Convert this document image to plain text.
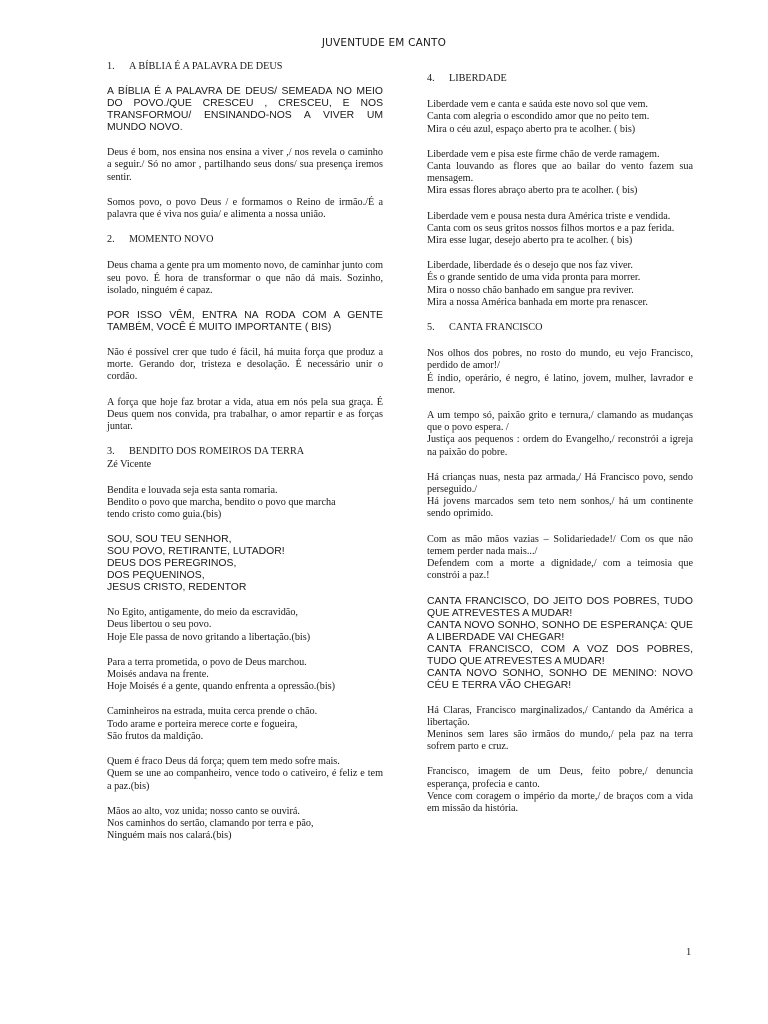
JUVENTUDE EM CANTO
1.	A BÍBLIA É A PALAVRA DE DEUS

A BÍBLIA É A PALAVRA DE DEUS/ SEMEADA NO MEIO DO POVO./QUE CRESCEU , CRESCEU, E NOS TRANSFORMOU/ ENSINANDO-NOS A VIVER UM MUNDO NOVO.

Deus é bom, nos ensina nos ensina a viver ,/ nos revela o caminho a seguir./ Só no amor , partilhando seus dons/ sua presença iremos sentir.

Somos povo, o povo Deus / e formamos o Reino de irmão./É a palavra que é viva nos guia/ e alimenta a nossa união.

2.	MOMENTO NOVO

Deus chama a gente pra um momento novo, de caminhar junto com seu povo. É hora de transformar o que não dá mais. Sozinho, isolado, ninguém é capaz.

POR ISSO VÊM, ENTRA NA RODA COM A GENTE TAMBÉM, VOCÊ É MUITO IMPORTANTE ( BIS)

Não é possível crer que tudo é fácil, há muita força que produz a morte. Gerando dor, tristeza e desolação. É necessário unir o cordão.

A força que hoje faz brotar a vida, atua em nós pela sua graça. É Deus quem nos convida, pra trabalhar, o amor repartir e as forças juntar.

3.	BENDITO DOS ROMEIROS DA TERRA

Zé Vicente

Bendita e louvada seja esta santa romaria.
Bendito o povo que marcha, bendito o povo que marcha
tendo cristo como guia.(bis)

SOU, SOU TEU SENHOR,
SOU POVO, RETIRANTE, LUTADOR!
DEUS DOS PEREGRINOS,
DOS PEQUENINOS,
JESUS CRISTO, REDENTOR

No Egito, antigamente, do meio da escravidão,
Deus libertou o seu povo.
Hoje Ele passa de novo gritando a libertação.(bis)

Para a terra prometida, o povo de Deus marchou.
Moisés andava na frente.
Hoje Moisés é a gente, quando enfrenta a opressão.(bis)

Caminheiros na estrada, muita cerca prende o chão.
Todo arame e porteira merece corte e fogueira,
São frutos da maldição.

Quem é fraco Deus dá força; quem tem medo sofre mais.
Quem se une ao companheiro, vence todo o cativeiro, é feliz e tem a paz.(bis)

Mãos ao alto, voz unida; nosso canto se ouvirá.
Nos caminhos do sertão, clamando por terra e pão,
Ninguém mais nos calará.(bis)

4.	LIBERDADE

Liberdade vem e canta e saúda este novo sol que vem.
Canta com alegria o escondido amor que no peito tem.
Mira o céu azul, espaço aberto pra te acolher. ( bis)

Liberdade vem e pisa este firme chão de verde ramagem.
Canta louvando as flores que ao bailar do vento fazem sua mensagem.
Mira essas flores abraço aberto pra te acolher. ( bis)

Liberdade vem e pousa nesta dura América triste e vendida.
Canta com os seus gritos nossos filhos mortos e a paz ferida.
Mira esse lugar, desejo aberto pra te acolher. ( bis)

Liberdade, liberdade és o desejo que nos faz viver.
És o grande sentido de uma vida pronta para morrer.
Mira o nosso chão banhado em sangue pra reviver.
Mira a nossa América banhada em morte pra renascer.

5.	CANTA FRANCISCO

Nos olhos dos pobres, no rosto do mundo, eu vejo Francisco, perdido de amor!/
É índio, operário, é negro, é latino, jovem, mulher, lavrador e menor.

A um tempo só, paixão grito e ternura,/ clamando as mudanças que o povo espera. /
Justiça aos pequenos : ordem do Evangelho,/ reconstrói a igreja na paixão do pobre.

Há crianças nuas, nesta paz armada,/ Há Francisco povo, sendo perseguido./
Há jovens marcados sem teto nem sonhos,/ há um continente sendo oprimido.

Com as mão mãos vazias – Solidariedade!/ Com os que não temem perder nada mais.../
Defendem com a morte a dignidade,/ com a teimosia que constrói a paz.!

CANTA FRANCISCO, DO JEITO DOS POBRES, TUDO QUE ATREVESTES A MUDAR!
CANTA NOVO SONHO, SONHO DE ESPERANÇA: QUE A LIBERDADE VAI CHEGAR!
CANTA FRANCISCO, COM A VOZ DOS POBRES, TUDO QUE ATREVESTES A MUDAR!
CANTA NOVO SONHO, SONHO DE MENINO: NOVO CÉU E TERRA VÃO CHEGAR!

Há Claras, Francisco marginalizados,/ Cantando da América a libertação.
Meninos sem lares são irmãos do mundo,/ pela paz na terra sofrem parto e cruz.

Francisco, imagem de um Deus, feito pobre,/ denuncia esperança, profecia e canto.
Vence com coragem o império da morte,/ de braços com a vida em missão da história.

1
